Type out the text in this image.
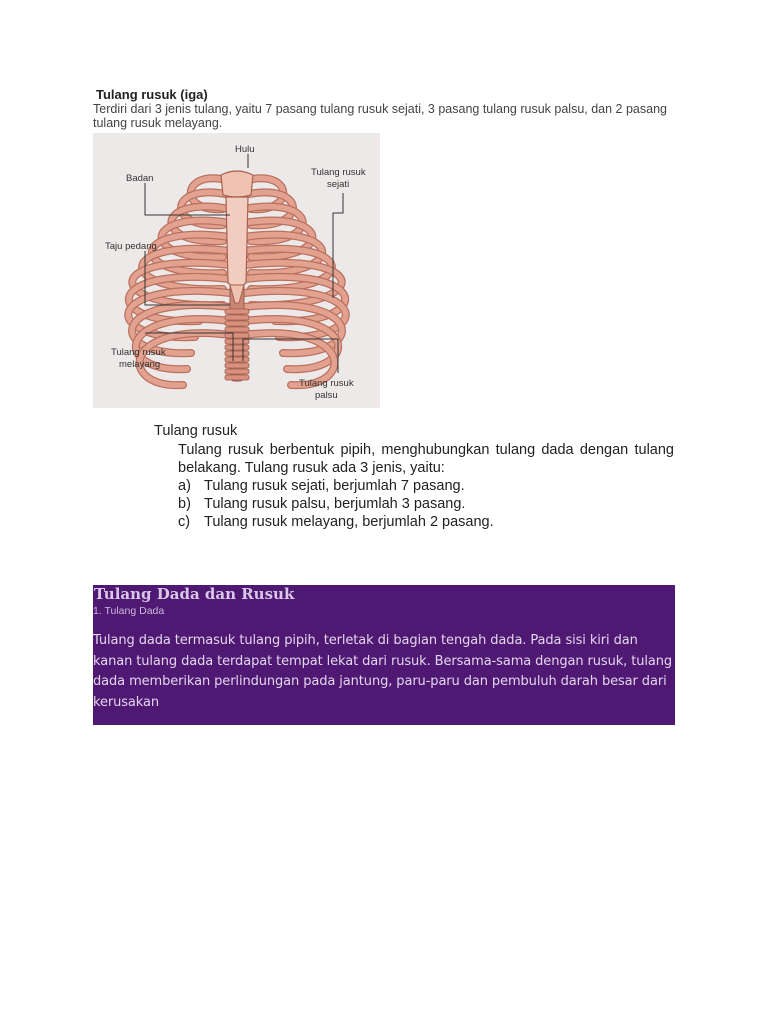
Tulang rusuk (iga)
Terdiri dari 3 jenis tulang, yaitu 7 pasang tulang rusuk sejati, 3 pasang tulang rusuk palsu, dan 2 pasang tulang rusuk melayang.
Hulu
Badan
Taju pedang
Tulang rusuk
sejati
Tulang rusuk
melayang
Tulang rusuk
palsu

Tulang rusuk

Tulang rusuk berbentuk pipih, menghubungkan tulang dada dengan tulang belakang. Tulang rusuk ada 3 jenis, yaitu:

a) Tulang rusuk sejati, berjumlah 7 pasang.
b) Tulang rusuk palsu, berjumlah 3 pasang.
c) Tulang rusuk melayang, berjumlah 2 pasang.
Tulang Dada dan Rusuk
1. Tulang Dada
Tulang dada termasuk tulang pipih, terletak di bagian tengah dada. Pada sisi kiri dan kanan tulang dada terdapat tempat lekat dari rusuk. Bersama-sama dengan rusuk, tulang dada memberikan perlindungan pada jantung, paru-paru dan pembuluh darah besar dari kerusakan
